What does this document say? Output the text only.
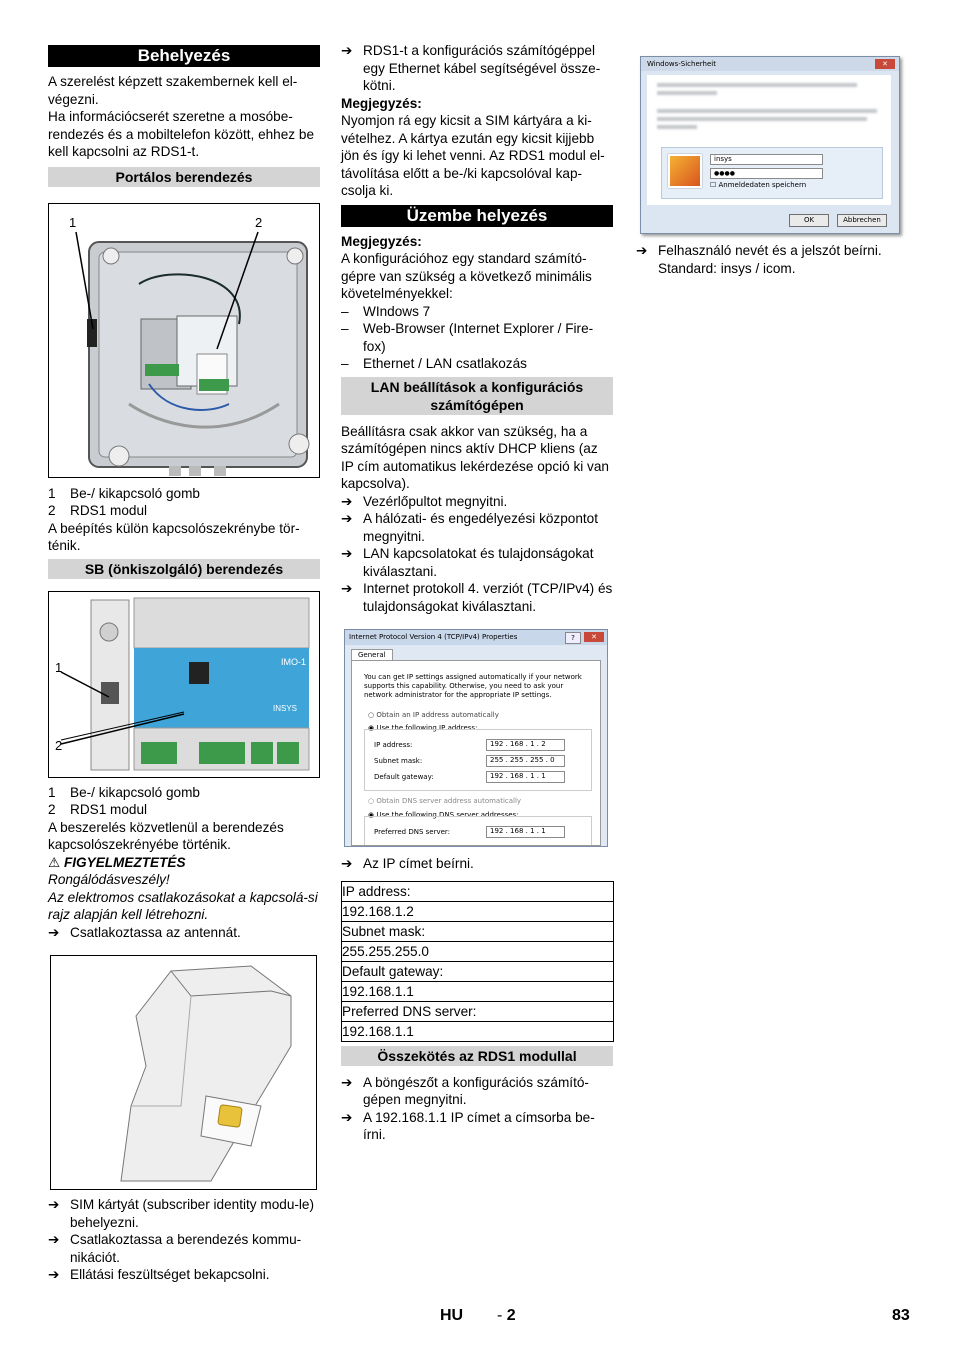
Behelyezés

A szerelést képzett szakembernek kell el-végezni.

Ha információcserét szeretne a mosóbe-rendezés és a mobiltelefon között, ehhez be kell kapcsolni az RDS1-t.

Portálos berendezés
1	2
1 Be-/ kikapcsoló gomb
2 RDS1 modul

A beépítés külön kapcsolószekrénybe tör-ténik.

SB (önkiszolgáló) berendezés
IMO-1
INSYS
1
2
1 Be-/ kikapcsoló gomb
2 RDS1 modul

A beszerelés közvetlenül a berendezés kapcsolószekrényébe történik.

⚠ FIGYELMEZTETÉS

Rongálódásveszély!

Az elektromos csatlakozásokat a kapcsolá-si rajz alapján kell létrehozni.

➔ Csatlakoztassa az antennát.
➔ SIM kártyát (subscriber identity modu-le) behelyezni.
➔ Csatlakoztassa a berendezés kommu-nikációt.
➔ Ellátási feszültséget bekapcsolni.
➔ RDS1-t a konfigurációs számítógéppel egy Ethernet kábel segítségével össze-kötni.

Megjegyzés:

Nyomjon rá egy kicsit a SIM kártyára a ki-vételhez. A kártya ezután egy kicsit kijjebb jön és így ki lehet venni. Az RDS1 modul el-távolítása előtt a be-/ki kapcsolóval kap-csolja ki.

Üzembe helyezés

Megjegyzés:

A konfigurációhoz egy standard számító-gépre van szükség a következő minimális követelményekkel:

– WIndows 7
– Web-Browser (Internet Explorer / Fire-fox)
– Ethernet / LAN csatlakozás
LAN beállítások a konfigurációs számítógépen

Beállításra csak akkor van szükség, ha a számítógépen nincs aktív DHCP kliens (az IP cím automatikus lekérdezése opció ki van kapcsolva).

➔ Vezérlőpultot megnyitni.
➔ A hálózati- és engedélyezési központot megnyitni.
➔ LAN kapcsolatokat és tulajdonságokat kiválasztani.
➔ Internet protokoll 4. verziót (TCP/IPv4) és tulajdonságokat kiválasztani.
Internet Protocol Version 4 (TCP/IPv4) Properties	?	✕
General
You can get IP settings assigned automatically if your network supports this capability. Otherwise, you need to ask your network administrator for the appropriate IP settings.
○ Obtain an IP address automatically
◉ Use the following IP address:
IP address:	192 . 168 . 1 . 2
Subnet mask:	255 . 255 . 255 . 0
Default gateway:	192 . 168 . 1 . 1
○ Obtain DNS server address automatically
◉ Use the following DNS server addresses:
Preferred DNS server:	192 . 168 . 1 . 1
➔ Az IP címet beírni.
IP address:
192.168.1.2
Subnet mask:
255.255.255.0
Default gateway:
192.168.1.1
Preferred DNS server:
192.168.1.1
Összekötés az RDS1 modullal
➔ A böngészőt a konfigurációs számító-gépen megnyitni.
➔ A 192.168.1.1 IP címet a címsorba be-írni.
Windows-Sicherheit	✕
insys
●●●●
☐ Anmeldedaten speichern
OK	Abbrechen
➔ Felhasználó nevét és a jelszót beírni. Standard: insys / icom.
HU - 2	83
